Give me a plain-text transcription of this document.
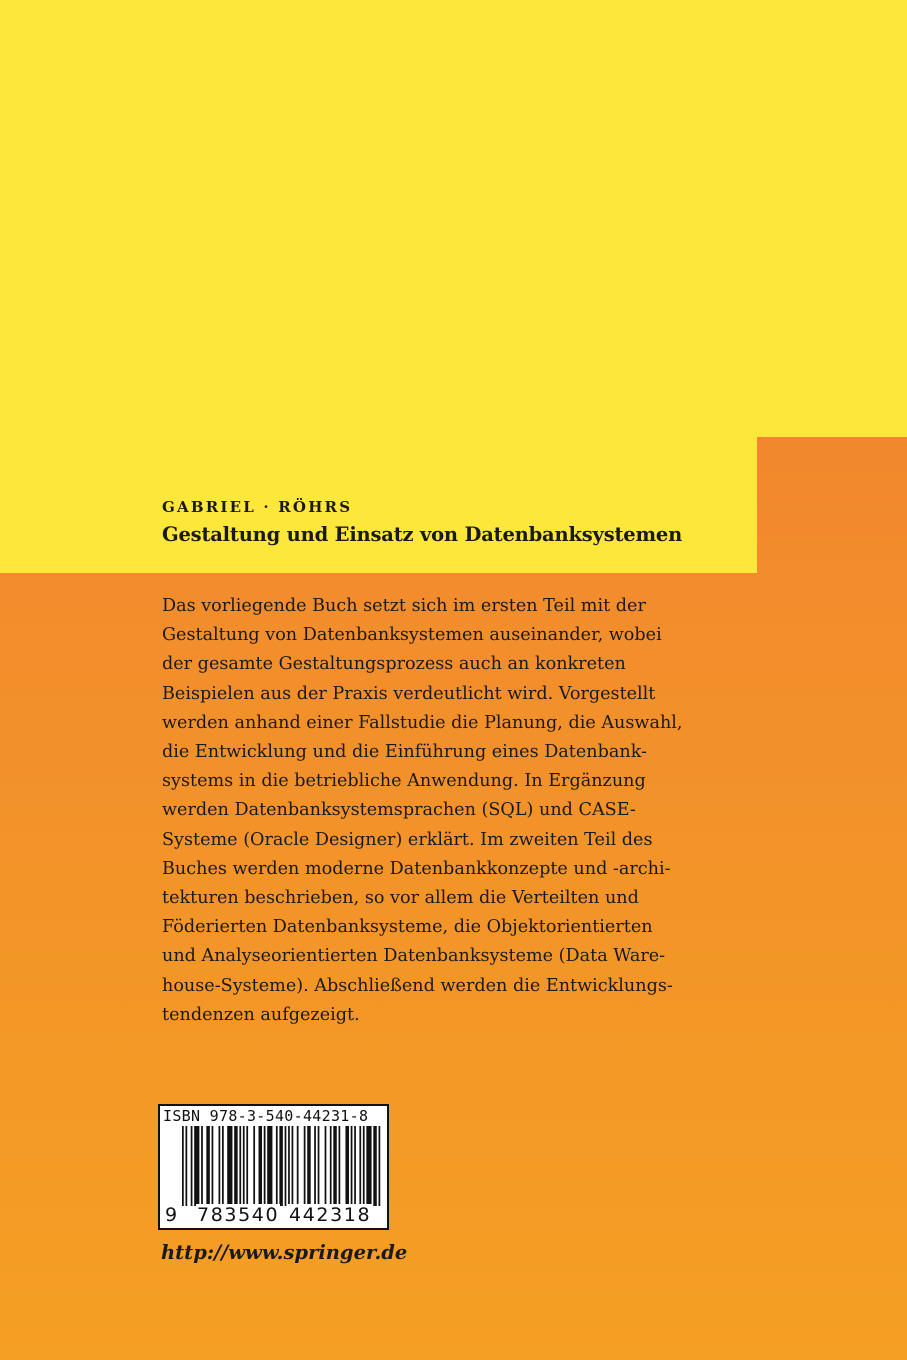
GABRIEL · RÖHRS
Gestaltung und Einsatz von Datenbanksystemen
Das vorliegende Buch setzt sich im ersten Teil mit der
Gestaltung von Datenbanksystemen auseinander, wobei
der gesamte Gestaltungsprozess auch an konkreten
Beispielen aus der Praxis verdeutlicht wird. Vorgestellt
werden anhand einer Fallstudie die Planung, die Auswahl,
die Entwicklung und die Einführung eines Datenbank-
systems in die betriebliche Anwendung. In Ergänzung
werden Datenbanksystemsprachen (SQL) und CASE-
Systeme (Oracle Designer) erklärt. Im zweiten Teil des
Buches werden moderne Datenbankkonzepte und -archi-
tekturen beschrieben, so vor allem die Verteilten und
Föderierten Datenbanksysteme, die Objektorientierten
und Analyseorientierten Datenbanksysteme (Data Ware-
house-Systeme). Abschließend werden die Entwicklungs-
tendenzen aufgezeigt.
ISBN 978-3-540-44231-8
9 783540 442318
http://www.springer.de
